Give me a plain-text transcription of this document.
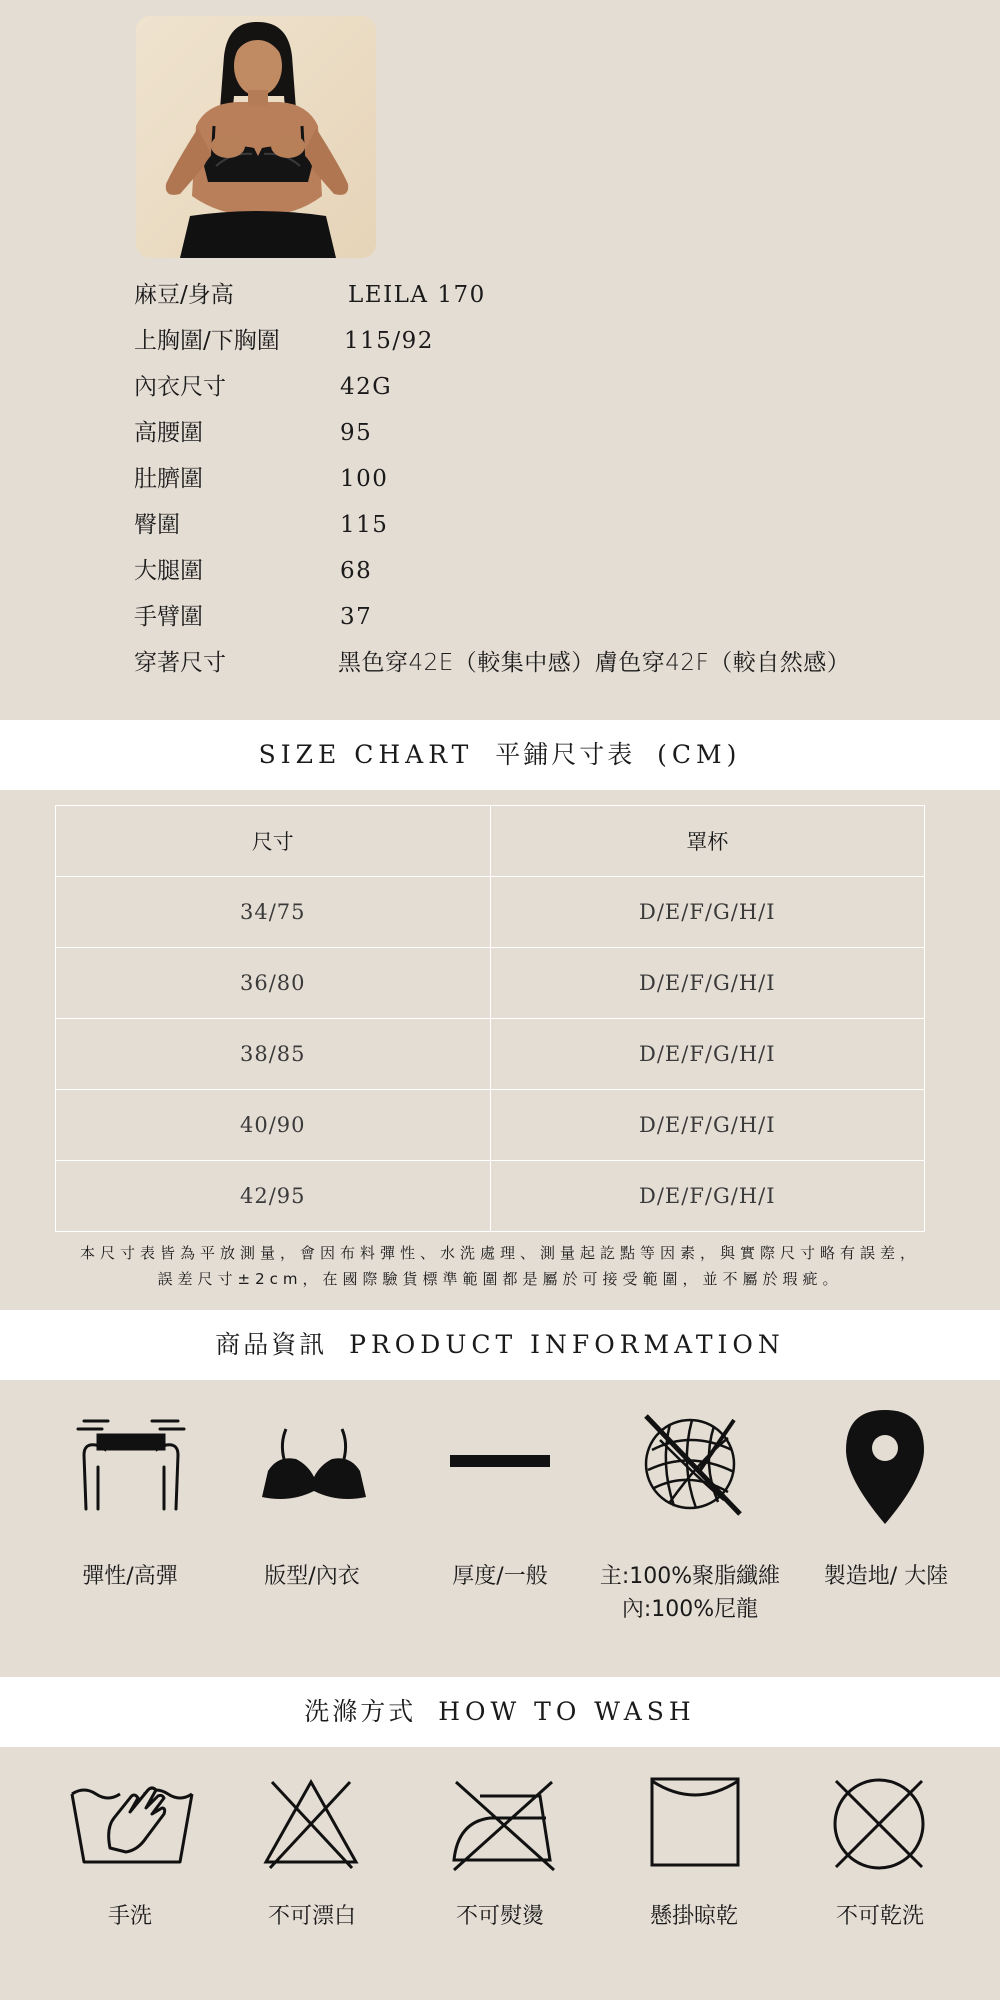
麻豆/身高	LEILA 170
上胸圍/下胸圍	115/92
內衣尺寸	42G
高腰圍	95
肚臍圍	100
臀圍	115
大腿圍	68
手臂圍	37
穿著尺寸	黑色穿42E（較集中感）膚色穿42F（較自然感）
SIZE CHART 平鋪尺寸表 (CM)
尺寸	罩杯
34/75	D/E/F/G/H/I
36/80	D/E/F/G/H/I
38/85	D/E/F/G/H/I
40/90	D/E/F/G/H/I
42/95	D/E/F/G/H/I
本尺寸表皆為平放測量，會因布料彈性、水洗處理、測量起訖點等因素，與實際尺寸略有誤差，
誤差尺寸±2cm，在國際驗貨標準範圍都是屬於可接受範圍，並不屬於瑕疵。
商品資訊 PRODUCT INFORMATION
彈性/高彈	版型/內衣	厚度/一般	主:100%聚脂纖維
內:100%尼龍
製造地/ 大陸
洗滌方式 HOW TO WASH
手洗	不可漂白	不可熨燙	懸掛晾乾	不可乾洗
